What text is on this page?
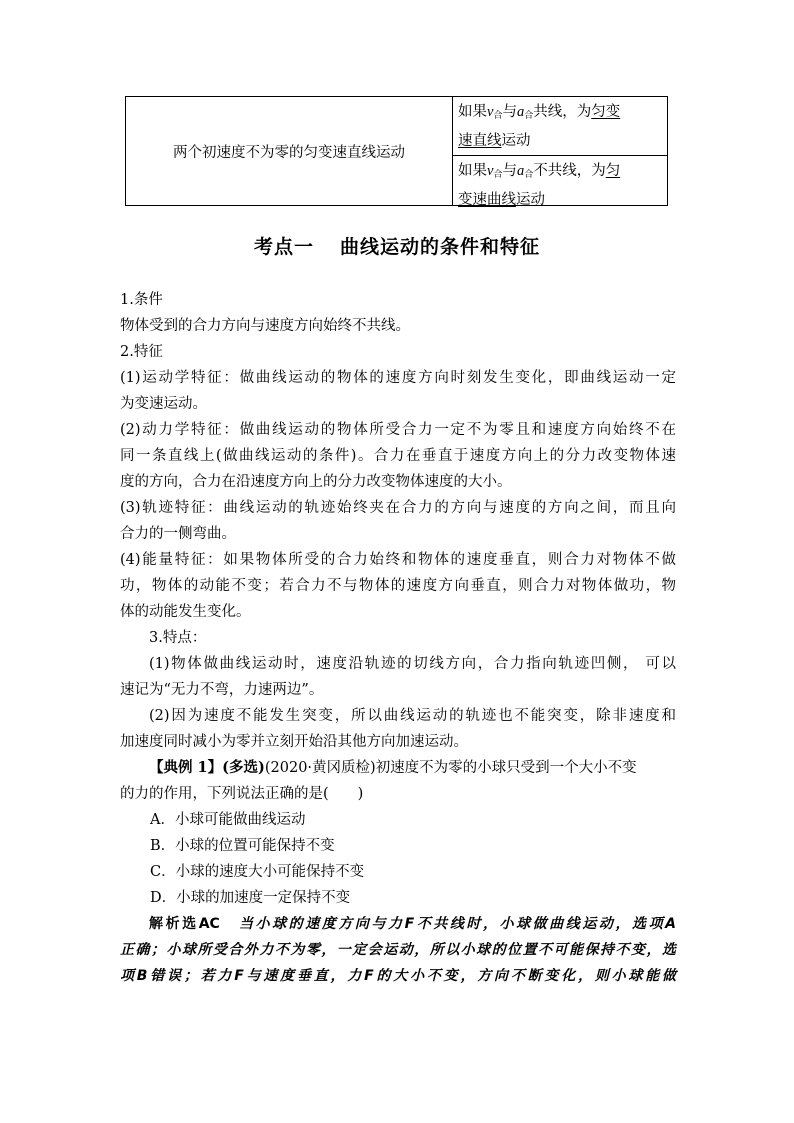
两个初速度不为零的匀变速直线运动
如果v合与a合共线，为匀变
速直线运动
如果v合与a合不共线，为匀
变速曲线运动
考点一 曲线运动的条件和特征
1.条件
物体受到的合力方向与速度方向始终不共线。
2.特征
(1)运动学特征：做曲线运动的物体的速度方向时刻发生变化，即曲线运动一定
为变速运动。
(2)动力学特征：做曲线运动的物体所受合力一定不为零且和速度方向始终不在
同一条直线上(做曲线运动的条件)。合力在垂直于速度方向上的分力改变物体速
度的方向，合力在沿速度方向上的分力改变物体速度的大小。
(3)轨迹特征：曲线运动的轨迹始终夹在合力的方向与速度的方向之间，而且向
合力的一侧弯曲。
(4)能量特征：如果物体所受的合力始终和物体的速度垂直，则合力对物体不做
功，物体的动能不变；若合力不与物体的速度方向垂直，则合力对物体做功，物
体的动能发生变化。
3.特点：
(1)物体做曲线运动时，速度沿轨迹的切线方向，合力指向轨迹凹侧， 可以
速记为“无力不弯，力速两边”。
(2)因为速度不能发生突变，所以曲线运动的轨迹也不能突变，除非速度和
加速度同时减小为零并立刻开始沿其他方向加速运动。
【典例 1】(多选)(2020·黄冈质检)初速度不为零的小球只受到一个大小不变
的力的作用，下列说法正确的是(　　)
A．小球可能做曲线运动
B．小球的位置可能保持不变
C．小球的速度大小可能保持不变
D．小球的加速度一定保持不变
解析选AC　 当小球的速度方向与力F不共线时，小球做曲线运动，选项A
正确；小球所受合外力不为零，一定会运动，所以小球的位置不可能保持不变，选
项B错误；若力F与速度垂直，力F的大小不变，方向不断变化，则小球能做
